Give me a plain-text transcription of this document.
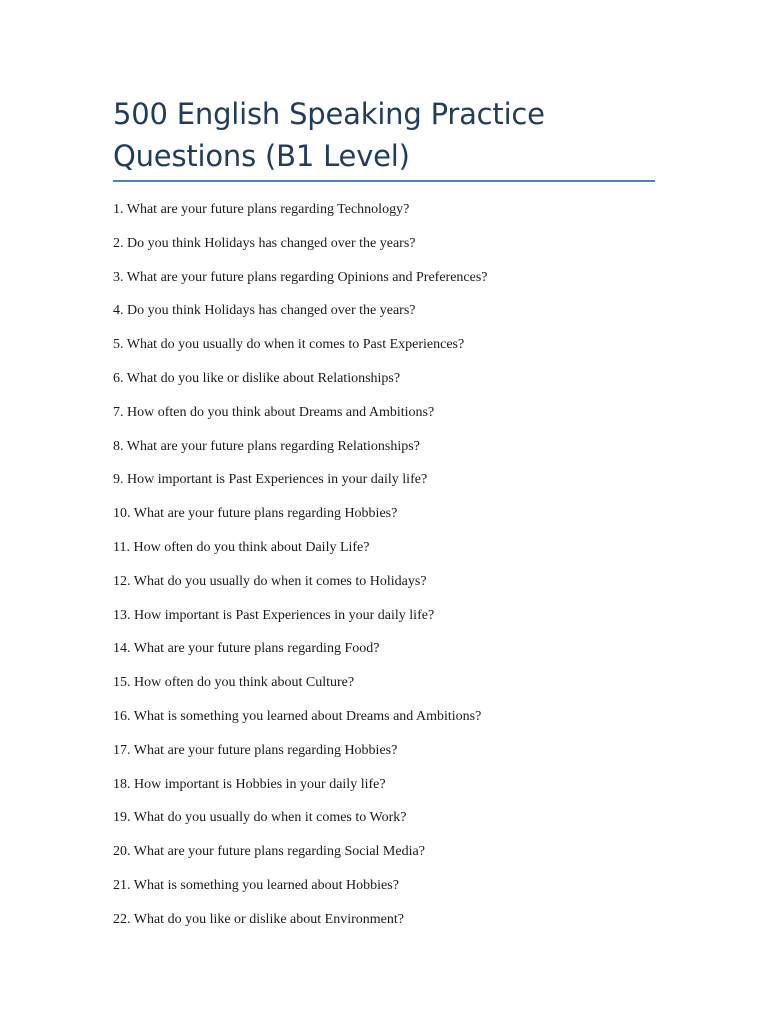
500 English Speaking Practice Questions (B1 Level)
1. What are your future plans regarding Technology?
2. Do you think Holidays has changed over the years?
3. What are your future plans regarding Opinions and Preferences?
4. Do you think Holidays has changed over the years?
5. What do you usually do when it comes to Past Experiences?
6. What do you like or dislike about Relationships?
7. How often do you think about Dreams and Ambitions?
8. What are your future plans regarding Relationships?
9. How important is Past Experiences in your daily life?
10. What are your future plans regarding Hobbies?
11. How often do you think about Daily Life?
12. What do you usually do when it comes to Holidays?
13. How important is Past Experiences in your daily life?
14. What are your future plans regarding Food?
15. How often do you think about Culture?
16. What is something you learned about Dreams and Ambitions?
17. What are your future plans regarding Hobbies?
18. How important is Hobbies in your daily life?
19. What do you usually do when it comes to Work?
20. What are your future plans regarding Social Media?
21. What is something you learned about Hobbies?
22. What do you like or dislike about Environment?
